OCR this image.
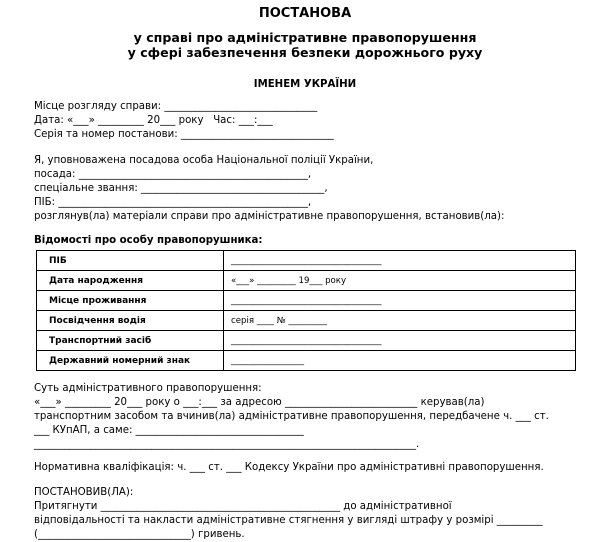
ПОСТАНОВА
у справі про адміністративне правопорушення
у сфері забезпечення безпеки дорожнього руху
ІМЕНЕМ УКРАЇНИ
Місце розгляду справи: ______________________________
Дата: «___» _________ 20___ року   Час: ___:___
Серія та номер постанови: ______________________________
Я, уповноважена посадова особа Національної поліції України,
посада: _____________________________________________,
спеціальне звання: ____________________________________,
ПІБ: _________________________________________________,
розглянув(ла) матеріали справи про адміністративне правопорушення, встановив(ла):
Відомості про особу правопорушника:
ПІБ	___________________________________
Дата народження	«___» _________ 19___ року
Місце проживання	___________________________________
Посвідчення водія	серія ____ № _________
Транспортний засіб	___________________________________
Державний номерний знак	_________________
Суть адміністративного правопорушення:
«___» _________ 20___ року о ___:___ за адресою __________________________ керував(ла)
транспортним засобом та вчинив(ла) адміністративне правопорушення, передбачене ч. ___ ст.
___ КУпАП, а саме: _________________________________
___________________________________________________________________________.
Нормативна кваліфікація: ч. ___ ст. ___ Кодексу України про адміністративні правопорушення.
ПОСТАНОВИВ(ЛА):
Притягнути _______________________________________________ до адміністративної
відповідальності та накласти адміністративне стягнення у вигляді штрафу у розмірі _________
(______________________________) гривень.
